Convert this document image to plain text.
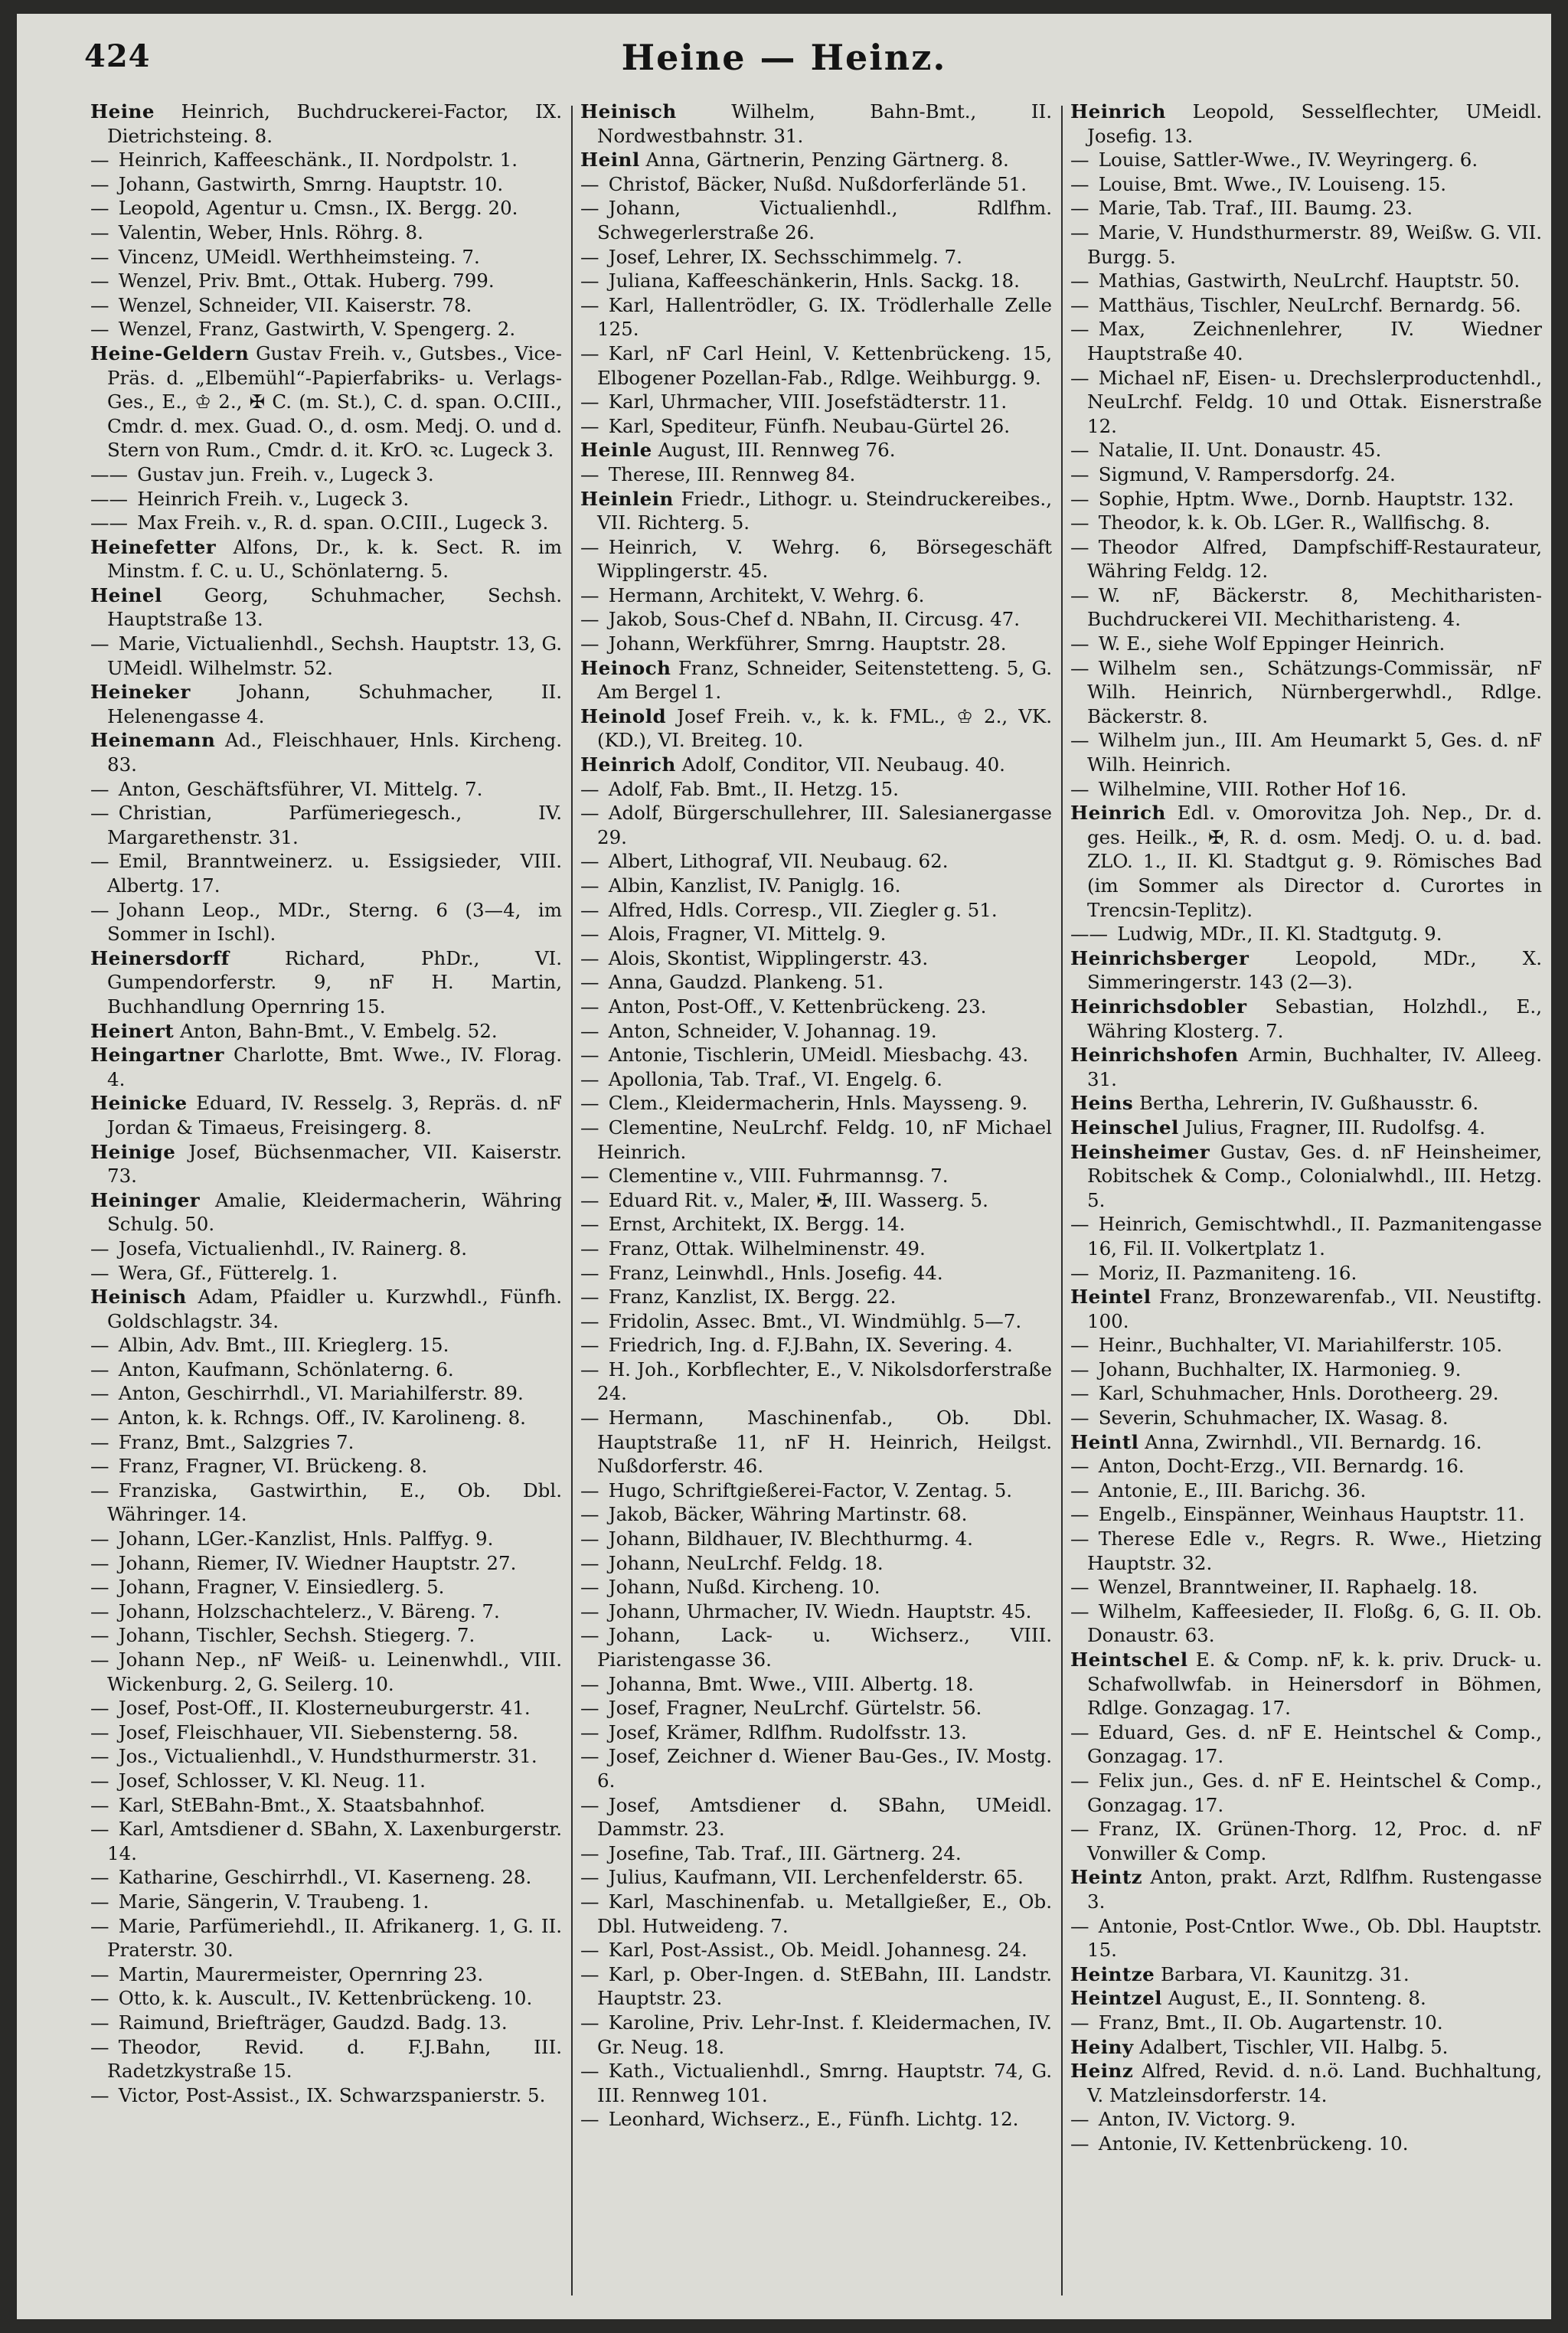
424	Heine — Heinz.
Heine Heinrich, Buchdruckerei-Factor, IX. Dietrichsteing. 8.
— Heinrich, Kaffeeschänk., II. Nordpolstr. 1.
— Johann, Gastwirth, Smrng. Hauptstr. 10.
— Leopold, Agentur u. Cmsn., IX. Bergg. 20.
— Valentin, Weber, Hnls. Röhrg. 8.
— Vincenz, UMeidl. Werthheimsteing. 7.
— Wenzel, Priv. Bmt., Ottak. Huberg. 799.
— Wenzel, Schneider, VII. Kaiserstr. 78.
— Wenzel, Franz, Gastwirth, V. Spengerg. 2.
Heine-Geldern Gustav Freih. v., Gutsbes., Vice-Präs. d. „Elbemühl“-Papierfabriks- u. Verlags-Ges., E., ♔ 2., ✠ C. (m. St.), C. d. span. O.CIII., Cmdr. d. mex. Guad. O., d. osm. Medj. O. und d. Stern von Rum., Cmdr. d. it. KrO. ꝛc. Lugeck 3.
—— Gustav jun. Freih. v., Lugeck 3.
—— Heinrich Freih. v., Lugeck 3.
—— Max Freih. v., R. d. span. O.CIII., Lugeck 3.
Heinefetter Alfons, Dr., k. k. Sect. R. im Minstm. f. C. u. U., Schönlaterng. 5.
Heinel Georg, Schuhmacher, Sechsh. Hauptstraße 13.
— Marie, Victualienhdl., Sechsh. Hauptstr. 13, G. UMeidl. Wilhelmstr. 52.
Heineker	Johann, Schuhmacher, II. Helenengasse 4.
Heinemann Ad., Fleischhauer, Hnls. Kircheng. 83.
— Anton, Geschäftsführer, VI. Mittelg. 7.
— Christian, Parfümeriegesch., IV. Margarethenstr. 31.
— Emil, Branntweinerz. u. Essigsieder, VIII. Albertg. 17.
— Johann Leop., MDr., Sterng. 6 (3—4, im Sommer in Ischl).
Heinersdorff	Richard, PhDr., VI. Gumpendorferstr. 9, nF H. Martin, Buchhandlung Opernring 15.
Heinert Anton, Bahn-Bmt., V. Embelg. 52.
Heingartner Charlotte, Bmt. Wwe., IV. Florag. 4.
Heinicke Eduard, IV. Resselg. 3, Repräs. d. nF Jordan & Timaeus, Freisingerg. 8.
Heinige Josef, Büchsenmacher, VII. Kaiserstr. 73.
Heininger Amalie, Kleidermacherin, Währing Schulg. 50.
— Josefa, Victualienhdl., IV. Rainerg. 8.
— Wera, Gf., Fütterelg. 1.
Heinisch Adam, Pfaidler u. Kurzwhdl., Fünfh. Goldschlagstr. 34.
— Albin, Adv. Bmt., III. Krieglerg. 15.
— Anton, Kaufmann, Schönlaterng. 6.
— Anton, Geschirrhdl., VI. Mariahilferstr. 89.
— Anton, k. k. Rchngs. Off., IV. Karolineng. 8.
— Franz, Bmt., Salzgries 7.
— Franz, Fragner, VI. Brückeng. 8.
— Franziska, Gastwirthin, E., Ob. Dbl. Währinger. 14.
— Johann, LGer.-Kanzlist, Hnls. Palffyg. 9.
— Johann, Riemer, IV. Wiedner Hauptstr. 27.
— Johann, Fragner, V. Einsiedlerg. 5.
— Johann, Holzschachtelerz., V. Bäreng. 7.
— Johann, Tischler, Sechsh. Stiegerg. 7.
— Johann Nep., nF Weiß- u. Leinenwhdl., VIII. Wickenburg. 2, G. Seilerg. 10.
— Josef, Post-Off., II. Klosterneuburgerstr. 41.
— Josef, Fleischhauer, VII. Siebensterng. 58.
— Jos., Victualienhdl., V. Hundsthurmerstr. 31.
— Josef, Schlosser, V. Kl. Neug. 11.
— Karl, StEBahn-Bmt., X. Staatsbahnhof.
— Karl, Amtsdiener d. SBahn, X. Laxenburgerstr. 14.
— Katharine, Geschirrhdl., VI. Kaserneng. 28.
— Marie, Sängerin, V. Traubeng. 1.
— Marie, Parfümeriehdl., II. Afrikanerg. 1, G. II. Praterstr. 30.
— Martin, Maurermeister, Opernring 23.
— Otto, k. k. Auscult., IV. Kettenbrückeng. 10.
— Raimund, Briefträger, Gaudzd. Badg. 13.
— Theodor, Revid. d. F.J.Bahn, III. Radetzkystraße 15.
— Victor, Post-Assist., IX. Schwarzspanierstr. 5.
Heinisch	Wilhelm, Bahn-Bmt., II. Nordwestbahnstr. 31.
Heinl Anna, Gärtnerin, Penzing Gärtnerg. 8.
— Christof, Bäcker, Nußd. Nußdorferlände 51.
— Johann, Victualienhdl., Rdlfhm. Schwegerlerstraße 26.
— Josef, Lehrer, IX. Sechsschimmelg. 7.
— Juliana, Kaffeeschänkerin, Hnls. Sackg. 18.
— Karl, Hallentrödler, G. IX. Trödlerhalle Zelle 125.
— Karl, nF Carl Heinl, V. Kettenbrückeng. 15, Elbogener Pozellan-Fab., Rdlge. Weihburgg. 9.
— Karl, Uhrmacher, VIII. Josefstädterstr. 11.
— Karl, Spediteur, Fünfh. Neubau-Gürtel 26.
Heinle August, III. Rennweg 76.
— Therese, III. Rennweg 84.
Heinlein Friedr., Lithogr. u. Steindruckereibes., VII. Richterg. 5.
— Heinrich, V. Wehrg. 6, Börsegeschäft Wipplingerstr. 45.
— Hermann, Architekt, V. Wehrg. 6.
— Jakob, Sous-Chef d. NBahn, II. Circusg. 47.
— Johann, Werkführer, Smrng. Hauptstr. 28.
Heinoch Franz, Schneider, Seitenstetteng. 5, G. Am Bergel 1.
Heinold Josef Freih. v., k. k. FML., ♔ 2., VK. (KD.), VI. Breiteg. 10.
Heinrich Adolf, Conditor, VII. Neubaug. 40.
— Adolf, Fab. Bmt., II. Hetzg. 15.
— Adolf, Bürgerschullehrer, III. Salesianergasse 29.
— Albert, Lithograf, VII. Neubaug. 62.
— Albin, Kanzlist, IV. Paniglg. 16.
— Alfred, Hdls. Corresp., VII. Ziegler g. 51.
— Alois, Fragner, VI. Mittelg. 9.
— Alois, Skontist, Wipplingerstr. 43.
— Anna, Gaudzd. Plankeng. 51.
— Anton, Post-Off., V. Kettenbrückeng. 23.
— Anton, Schneider, V. Johannag. 19.
— Antonie, Tischlerin, UMeidl. Miesbachg. 43.
— Apollonia, Tab. Traf., VI. Engelg. 6.
— Clem., Kleidermacherin, Hnls. Maysseng. 9.
— Clementine, NeuLrchf. Feldg. 10, nF Michael Heinrich.
— Clementine v., VIII. Fuhrmannsg. 7.
— Eduard Rit. v., Maler, ✠, III. Wasserg. 5.
— Ernst, Architekt, IX. Bergg. 14.
— Franz, Ottak. Wilhelminenstr. 49.
— Franz, Leinwhdl., Hnls. Josefig. 44.
— Franz, Kanzlist, IX. Bergg. 22.
— Fridolin, Assec. Bmt., VI. Windmühlg. 5—7.
— Friedrich, Ing. d. F.J.Bahn, IX. Severing. 4.
— H. Joh., Korbflechter, E., V. Nikolsdorferstraße 24.
— Hermann, Maschinenfab., Ob. Dbl. Hauptstraße 11, nF H. Heinrich, Heilgst. Nußdorferstr. 46.
— Hugo, Schriftgießerei-Factor, V. Zentag. 5.
— Jakob, Bäcker, Währing Martinstr. 68.
— Johann, Bildhauer, IV. Blechthurmg. 4.
— Johann, NeuLrchf. Feldg. 18.
— Johann, Nußd. Kircheng. 10.
— Johann, Uhrmacher, IV. Wiedn. Hauptstr. 45.
— Johann, Lack- u. Wichserz., VIII. Piaristengasse 36.
— Johanna, Bmt. Wwe., VIII. Albertg. 18.
— Josef, Fragner, NeuLrchf. Gürtelstr. 56.
— Josef, Krämer, Rdlfhm. Rudolfsstr. 13.
— Josef, Zeichner d. Wiener Bau-Ges., IV. Mostg. 6.
— Josef, Amtsdiener d. SBahn, UMeidl. Dammstr. 23.
— Josefine, Tab. Traf., III. Gärtnerg. 24.
— Julius, Kaufmann, VII. Lerchenfelderstr. 65.
— Karl, Maschinenfab. u. Metallgießer, E., Ob. Dbl. Hutweideng. 7.
— Karl, Post-Assist., Ob. Meidl. Johannesg. 24.
— Karl, p. Ober-Ingen. d. StEBahn, III. Landstr. Hauptstr. 23.
— Karoline, Priv. Lehr-Inst. f. Kleidermachen, IV. Gr. Neug. 18.
— Kath., Victualienhdl., Smrng. Hauptstr. 74, G. III. Rennweg 101.
— Leonhard, Wichserz., E., Fünfh. Lichtg. 12.
Heinrich Leopold, Sesselflechter, UMeidl. Josefig. 13.
— Louise, Sattler-Wwe., IV. Weyringerg. 6.
— Louise, Bmt. Wwe., IV. Louiseng. 15.
— Marie, Tab. Traf., III. Baumg. 23.
— Marie, V. Hundsthurmerstr. 89, Weißw. G. VII. Burgg. 5.
— Mathias, Gastwirth, NeuLrchf. Hauptstr. 50.
— Matthäus, Tischler, NeuLrchf. Bernardg. 56.
— Max, Zeichnenlehrer, IV. Wiedner Hauptstraße 40.
— Michael nF, Eisen- u. Drechslerproductenhdl., NeuLrchf. Feldg. 10 und Ottak. Eisnerstraße 12.
— Natalie, II. Unt. Donaustr. 45.
— Sigmund, V. Rampersdorfg. 24.
— Sophie, Hptm. Wwe., Dornb. Hauptstr. 132.
— Theodor, k. k. Ob. LGer. R., Wallfischg. 8.
— Theodor Alfred, Dampfschiff-Restaurateur, Währing Feldg. 12.
— W. nF, Bäckerstr. 8, Mechitharisten-Buchdruckerei VII. Mechitharisteng. 4.
— W. E., siehe Wolf Eppinger Heinrich.
— Wilhelm sen., Schätzungs-Commissär, nF Wilh. Heinrich, Nürnbergerwhdl., Rdlge. Bäckerstr. 8.
— Wilhelm jun., III. Am Heumarkt 5, Ges. d. nF Wilh. Heinrich.
— Wilhelmine, VIII. Rother Hof 16.
Heinrich Edl. v. Omorovitza Joh. Nep., Dr. d. ges. Heilk., ✠, R. d. osm. Medj. O. u. d. bad. ZLO. 1., II. Kl. Stadtgut g. 9. Römisches Bad (im Sommer als Director d. Curortes in Trencsin-Teplitz).
—— Ludwig, MDr., II. Kl. Stadtgutg. 9.
Heinrichsberger Leopold, MDr., X. Simmeringerstr. 143 (2—3).
Heinrichsdobler Sebastian, Holzhdl., E., Währing Klosterg. 7.
Heinrichshofen Armin, Buchhalter, IV. Alleeg. 31.
Heins Bertha, Lehrerin, IV. Gußhausstr. 6.
Heinschel Julius, Fragner, III. Rudolfsg. 4.
Heinsheimer Gustav, Ges. d. nF Heinsheimer, Robitschek & Comp., Colonialwhdl., III. Hetzg. 5.
— Heinrich, Gemischtwhdl., II. Pazmanitengasse 16, Fil. II. Volkertplatz 1.
— Moriz, II. Pazmaniteng. 16.
Heintel Franz, Bronzewarenfab., VII. Neustiftg. 100.
— Heinr., Buchhalter, VI. Mariahilferstr. 105.
— Johann, Buchhalter, IX. Harmonieg. 9.
— Karl, Schuhmacher, Hnls. Dorotheerg. 29.
— Severin, Schuhmacher, IX. Wasag. 8.
Heintl Anna, Zwirnhdl., VII. Bernardg. 16.
— Anton, Docht-Erzg., VII. Bernardg. 16.
— Antonie, E., III. Barichg. 36.
— Engelb., Einspänner, Weinhaus Hauptstr. 11.
— Therese Edle v., Regrs. R. Wwe., Hietzing Hauptstr. 32.
— Wenzel, Branntweiner, II. Raphaelg. 18.
— Wilhelm, Kaffeesieder, II. Floßg. 6, G. II. Ob. Donaustr. 63.
Heintschel E. & Comp. nF, k. k. priv. Druck- u. Schafwollwfab. in Heinersdorf in Böhmen, Rdlge. Gonzagag. 17.
— Eduard, Ges. d. nF E. Heintschel & Comp., Gonzagag. 17.
— Felix jun., Ges. d. nF E. Heintschel & Comp., Gonzagag. 17.
— Franz, IX. Grünen-Thorg. 12, Proc. d. nF Vonwiller & Comp.
Heintz Anton, prakt. Arzt, Rdlfhm. Rustengasse 3.
— Antonie, Post-Cntlor. Wwe., Ob. Dbl. Hauptstr. 15.
Heintze Barbara, VI. Kaunitzg. 31.
Heintzel August, E., II. Sonnteng. 8.
— Franz, Bmt., II. Ob. Augartenstr. 10.
Heiny Adalbert, Tischler, VII. Halbg. 5.
Heinz Alfred, Revid. d. n.ö. Land. Buchhaltung, V. Matzleinsdorferstr. 14.
— Anton, IV. Victorg. 9.
— Antonie, IV. Kettenbrückeng. 10.
